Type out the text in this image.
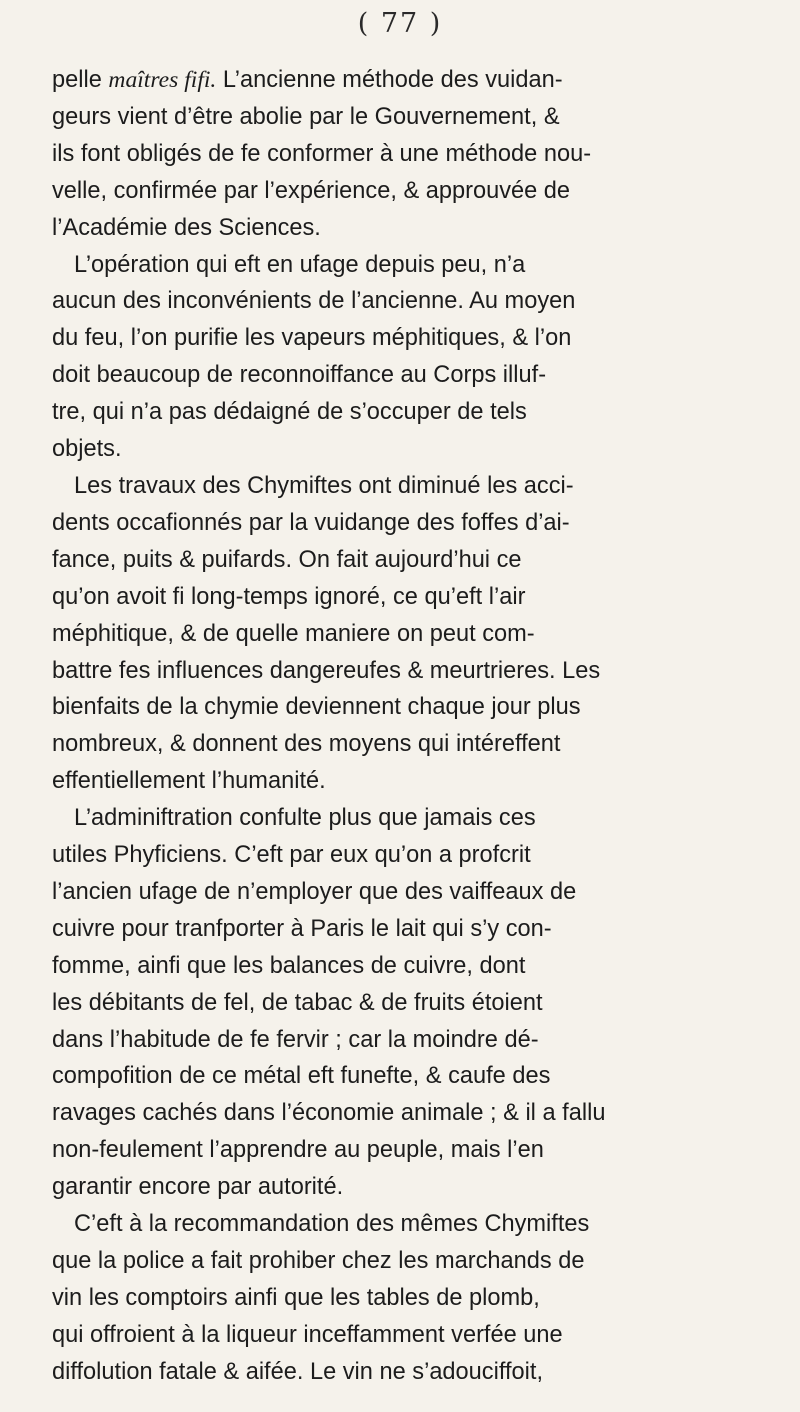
( 77 )
pelle maîtres fifi. L’ancienne méthode des vuidan-
geurs vient d’être abolie par le Gouvernement, &
ils font obligés de fe conformer à une méthode nou-
velle, confirmée par l’expérience, & approuvée de
l’Académie des Sciences.
L’opération qui eft en ufage depuis peu, n’a
aucun des inconvénients de l’ancienne. Au moyen
du feu, l’on purifie les vapeurs méphitiques, & l’on
doit beaucoup de reconnoiffance au Corps illuf-
tre, qui n’a pas dédaigné de s’occuper de tels
objets.
Les travaux des Chymiftes ont diminué les acci-
dents occafionnés par la vuidange des foffes d’ai-
fance, puits & puifards. On fait aujourd’hui ce
qu’on avoit fi long-temps ignoré, ce qu’eft l’air
méphitique, & de quelle maniere on peut com-
battre fes influences dangereufes & meurtrieres. Les
bienfaits de la chymie deviennent chaque jour plus
nombreux, & donnent des moyens qui intéreffent
effentiellement l’humanité.
L’adminiftration confulte plus que jamais ces
utiles Phyficiens. C’eft par eux qu’on a profcrit
l’ancien ufage de n’employer que des vaiffeaux de
cuivre pour tranfporter à Paris le lait qui s’y con-
fomme, ainfi que les balances de cuivre, dont
les débitants de fel, de tabac & de fruits étoient
dans l’habitude de fe fervir ; car la moindre dé-
compofition de ce métal eft funefte, & caufe des
ravages cachés dans l’économie animale ; & il a fallu
non-feulement l’apprendre au peuple, mais l’en
garantir encore par autorité.
C’eft à la recommandation des mêmes Chymiftes
que la police a fait prohiber chez les marchands de
vin les comptoirs ainfi que les tables de plomb,
qui offroient à la liqueur inceffamment verfée une
diffolution fatale & aifée. Le vin ne s’adouciffoit,
